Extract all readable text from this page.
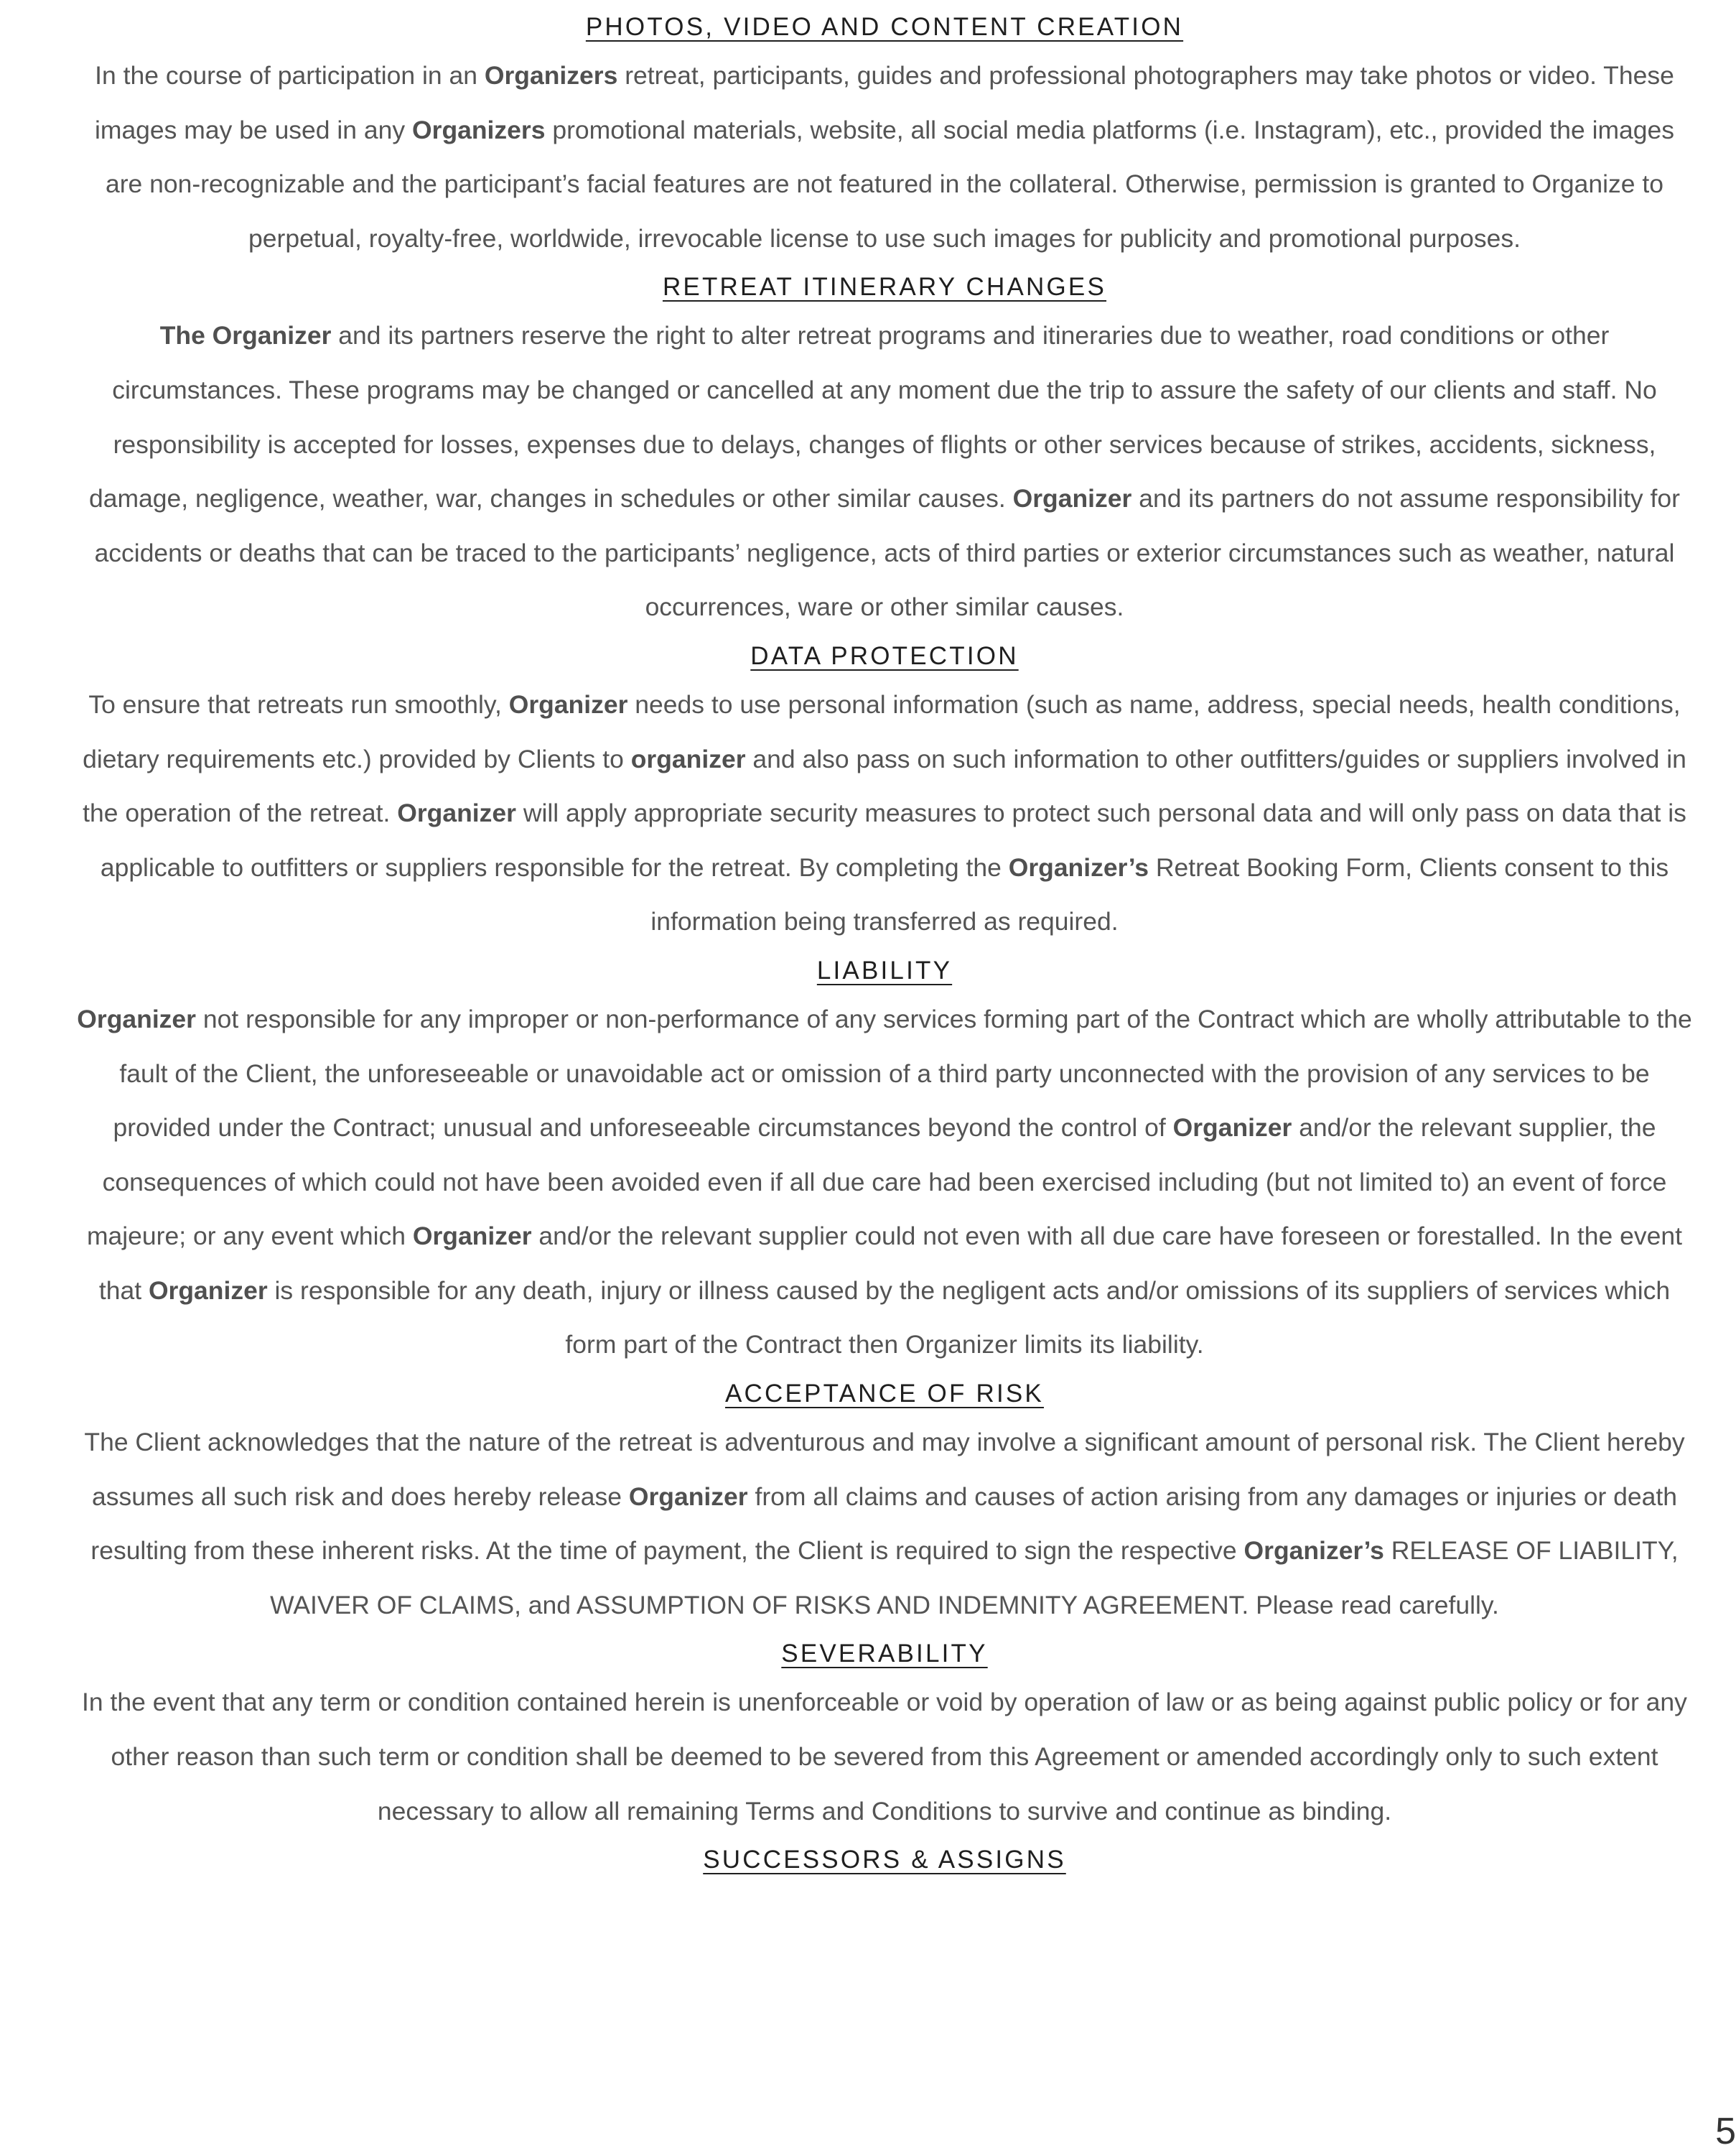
PHOTOS, VIDEO AND CONTENT CREATION

In the course of participation in an Organizers retreat, participants, guides and professional photographers may take photos or video. These images may be used in any Organizers promotional materials, website, all social media platforms (i.e. Instagram), etc., provided the images are non-recognizable and the participant’s facial features are not featured in the collateral. Otherwise, permission is granted to Organize to perpetual, royalty-free, worldwide, irrevocable license to use such images for publicity and promotional purposes.

RETREAT ITINERARY CHANGES

The Organizer and its partners reserve the right to alter retreat programs and itineraries due to weather, road conditions or other circumstances. These programs may be changed or cancelled at any moment due the trip to assure the safety of our clients and staff. No responsibility is accepted for losses, expenses due to delays, changes of flights or other services because of strikes, accidents, sickness, damage, negligence, weather, war, changes in schedules or other similar causes. Organizer and its partners do not assume responsibility for accidents or deaths that can be traced to the participants’ negligence, acts of third parties or exterior circumstances such as weather, natural occurrences, ware or other similar causes.

DATA PROTECTION

To ensure that retreats run smoothly, Organizer needs to use personal information (such as name, address, special needs, health conditions, dietary requirements etc.) provided by Clients to organizer and also pass on such information to other outfitters/guides or suppliers involved in the operation of the retreat. Organizer will apply appropriate security measures to protect such personal data and will only pass on data that is applicable to outfitters or suppliers responsible for the retreat. By completing the Organizer’s Retreat Booking Form, Clients consent to this information being transferred as required.

LIABILITY

Organizer not responsible for any improper or non-performance of any services forming part of the Contract which are wholly attributable to the fault of the Client, the unforeseeable or unavoidable act or omission of a third party unconnected with the provision of any services to be provided under the Contract; unusual and unforeseeable circumstances beyond the control of Organizer and/or the relevant supplier, the consequences of which could not have been avoided even if all due care had been exercised including (but not limited to) an event of force majeure; or any event which Organizer and/or the relevant supplier could not even with all due care have foreseen or forestalled. In the event that Organizer is responsible for any death, injury or illness caused by the negligent acts and/or omissions of its suppliers of services which form part of the Contract then Organizer limits its liability.

ACCEPTANCE OF RISK

The Client acknowledges that the nature of the retreat is adventurous and may involve a significant amount of personal risk. The Client hereby assumes all such risk and does hereby release Organizer from all claims and causes of action arising from any damages or injuries or death resulting from these inherent risks. At the time of payment, the Client is required to sign the respective Organizer’s RELEASE OF LIABILITY, WAIVER OF CLAIMS, and ASSUMPTION OF RISKS AND INDEMNITY AGREEMENT. Please read carefully.

SEVERABILITY

In the event that any term or condition contained herein is unenforceable or void by operation of law or as being against public policy or for any other reason than such term or condition shall be deemed to be severed from this Agreement or amended accordingly only to such extent necessary to allow all remaining Terms and Conditions to survive and continue as binding.

SUCCESSORS & ASSIGNS
5
